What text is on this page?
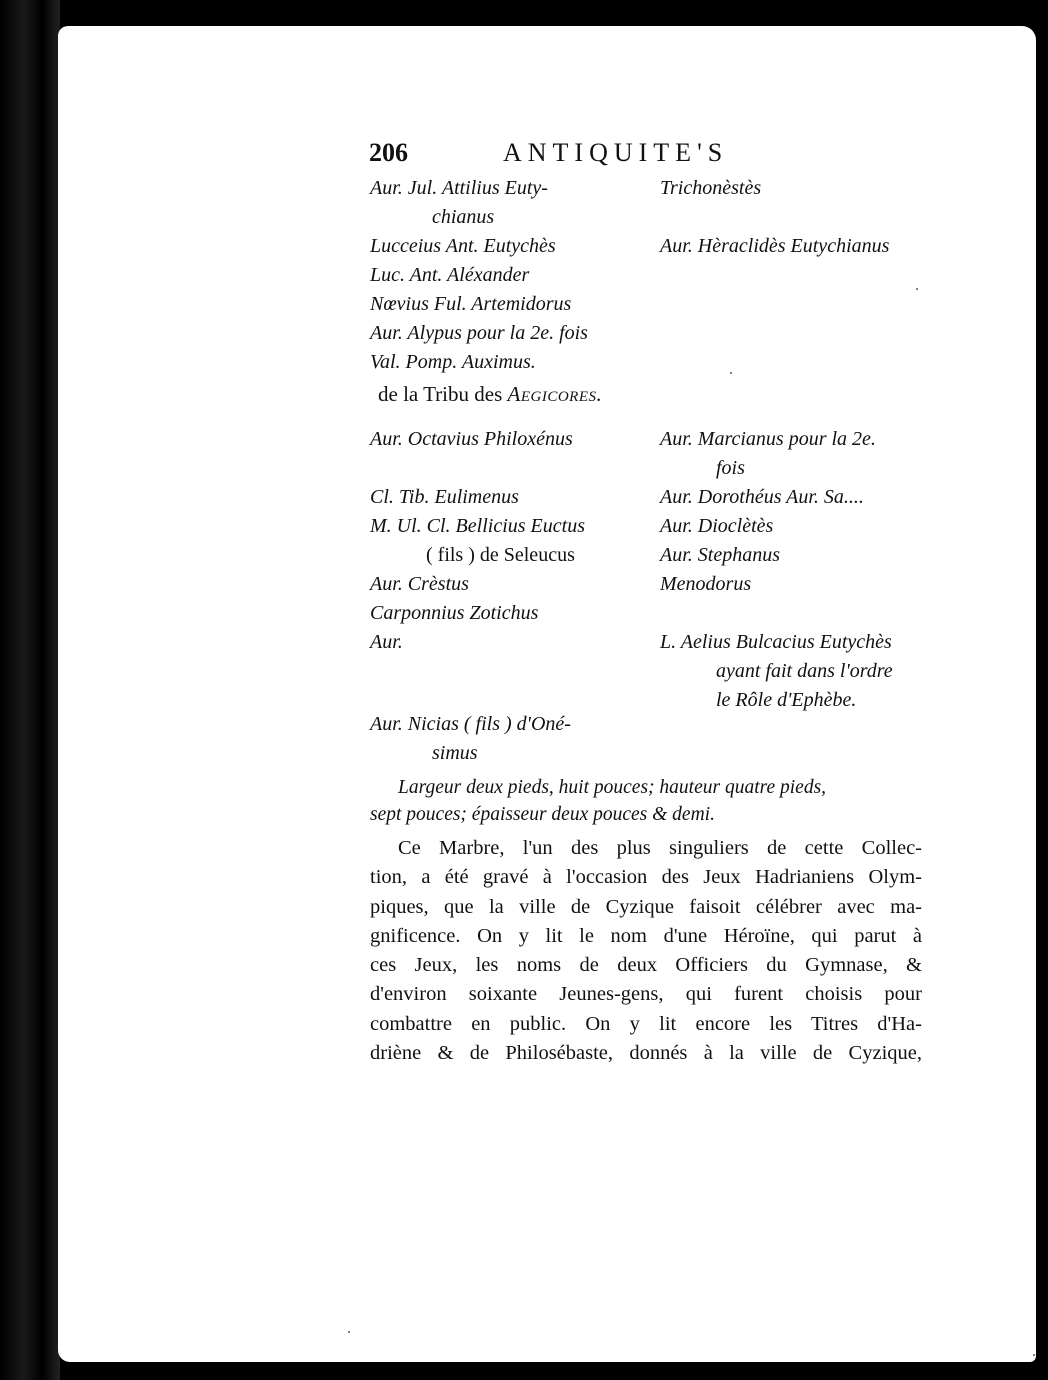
206	ANTIQUITE'S
Aur. Jul. Attilius Euty-
chianus
Lucceius Ant. Eutychès
Luc. Ant. Aléxander
Nœvius Ful. Artemidorus
Aur. Alypus pour la 2e. fois
Val. Pomp. Auximus.
Trichonèstès
Aur. Hèraclidès Eutychianus
de la Tribu des Aegicores.
Aur. Octavius Philoxénus
Cl. Tib. Eulimenus
M. Ul. Cl. Bellicius Euctus
( fils ) de Seleucus
Aur. Crèstus
Carponnius Zotichus
Aur.
Aur. Marcianus pour la 2e.
fois
Aur. Dorothéus Aur. Sa....
Aur. Dioclètès
Aur. Stephanus
Menodorus
L. Aelius Bulcacius Eutychès
ayant fait dans l'ordre
le Rôle d'Ephèbe.
Aur. Nicias ( fils ) d'Oné-
simus

Largeur deux pieds, huit pouces; hauteur quatre pieds,

sept pouces; épaisseur deux pouces & demi.

Ce Marbre, l'un des plus singuliers de cette Collec-

tion, a été gravé à l'occasion des Jeux Hadrianiens Olym-

piques, que la ville de Cyzique faisoit célébrer avec ma-

gnificence. On y lit le nom d'une Héroïne, qui parut à

ces Jeux, les noms de deux Officiers du Gymnase, &

d'environ soixante Jeunes-gens, qui furent choisis pour

combattre en public. On y lit encore les Titres d'Ha-

driène & de Philosébaste, donnés à la ville de Cyzique,
